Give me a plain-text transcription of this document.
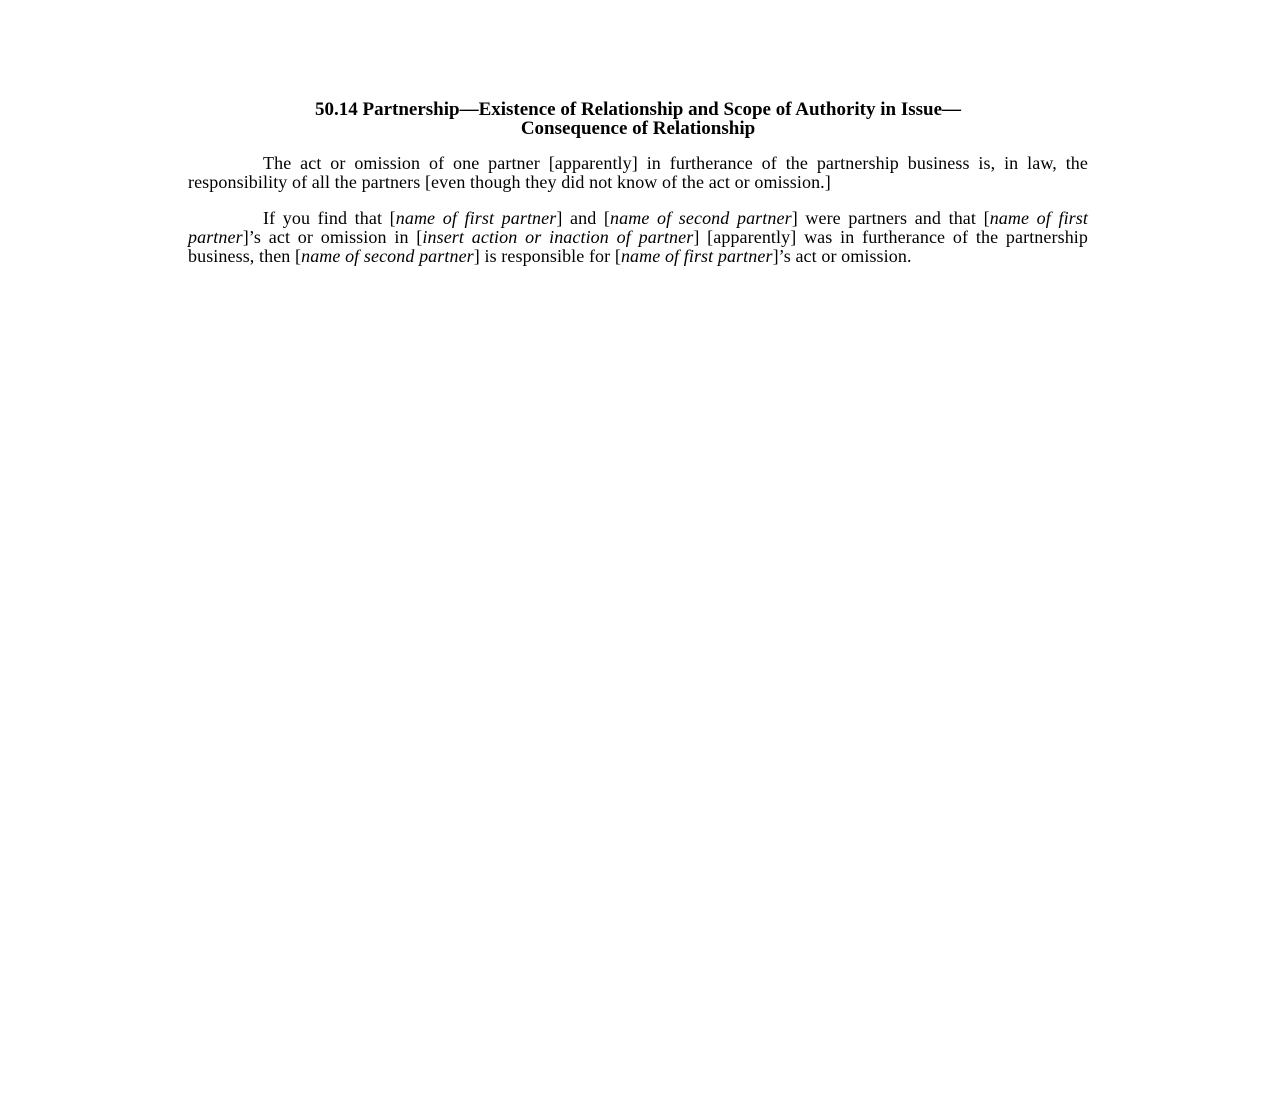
50.14 Partnership—Existence of Relationship and Scope of Authority in Issue—
Consequence of Relationship

The act or omission of one partner [apparently] in furtherance of the partnership business is, in law, the responsibility of all the partners [even though they did not know of the act or omission.]

If you find that [name of first partner] and [name of second partner] were partners and that [name of first partner]’s act or omission in [insert action or inaction of partner] [apparently] was in furtherance of the partnership business, then [name of second partner] is responsible for [name of first partner]’s act or omission.
